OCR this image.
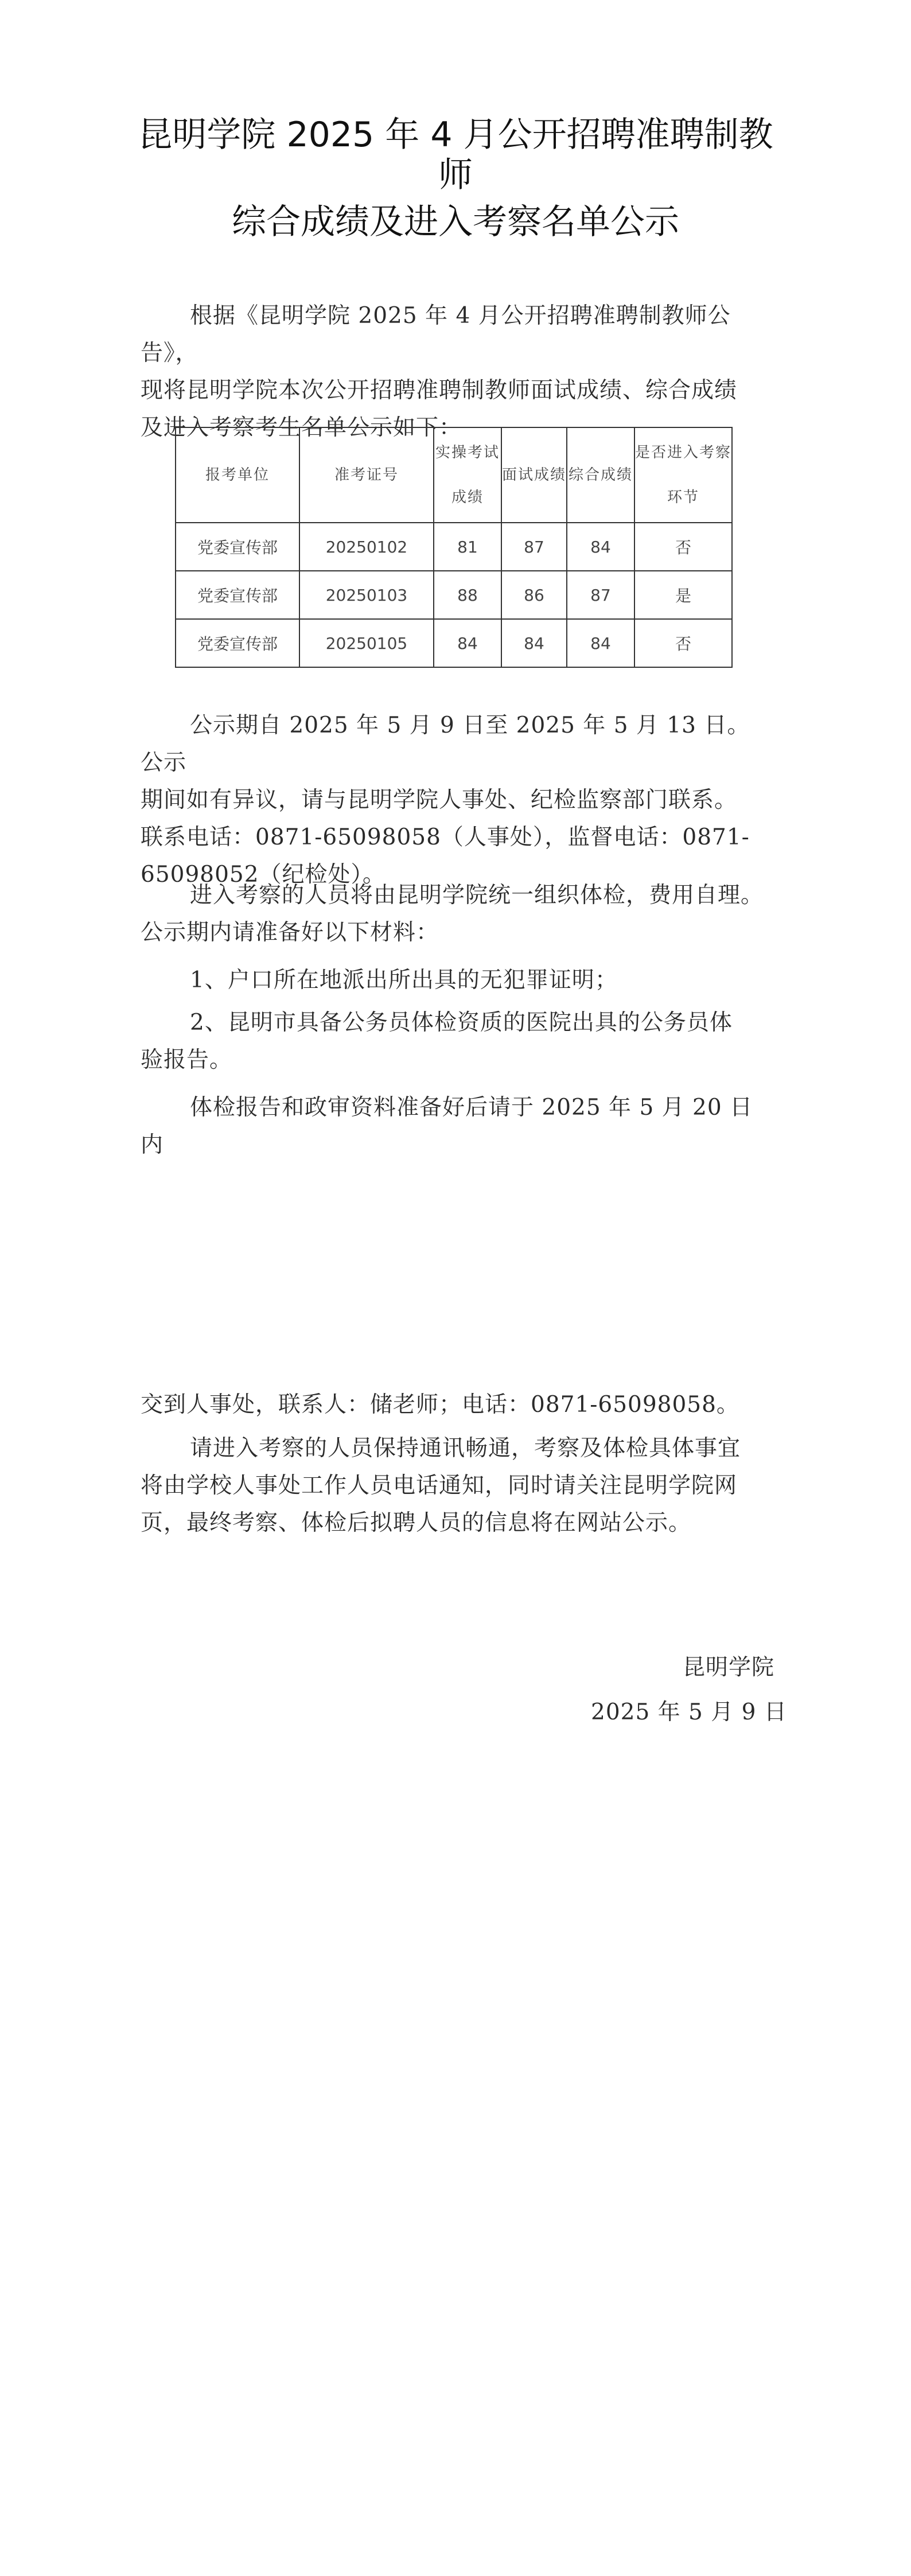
昆明学院 2025 年 4 月公开招聘准聘制教
师
综合成绩及进入考察名单公示

根据《昆明学院 2025 年 4 月公开招聘准聘制教师公告》，
现将昆明学院本次公开招聘准聘制教师面试成绩、综合成绩
及进入考察考生名单公示如下：

报考单位	准考证号	实操考试成绩	面试成绩	综合成绩	是否进入考察环节
党委宣传部	20250102	81	87	84	否
党委宣传部	20250103	88	86	87	是
党委宣传部	20250105	84	84	84	否

公示期自 2025 年 5 月 9 日至 2025 年 5 月 13 日。公示
期间如有异议，请与昆明学院人事处、纪检监察部门联系。
联系电话：0871-65098058（人事处），监督电话：0871-
65098052（纪检处）。

进入考察的人员将由昆明学院统一组织体检，费用自理。
公示期内请准备好以下材料：

1、户口所在地派出所出具的无犯罪证明；

2、昆明市具备公务员体检资质的医院出具的公务员体
验报告。

体检报告和政审资料准备好后请于 2025 年 5 月 20 日内

交到人事处，联系人：储老师；电话：0871-65098058。

请进入考察的人员保持通讯畅通，考察及体检具体事宜
将由学校人事处工作人员电话通知，同时请关注昆明学院网
页，最终考察、体检后拟聘人员的信息将在网站公示。

昆明学院
2025 年 5 月 9 日
